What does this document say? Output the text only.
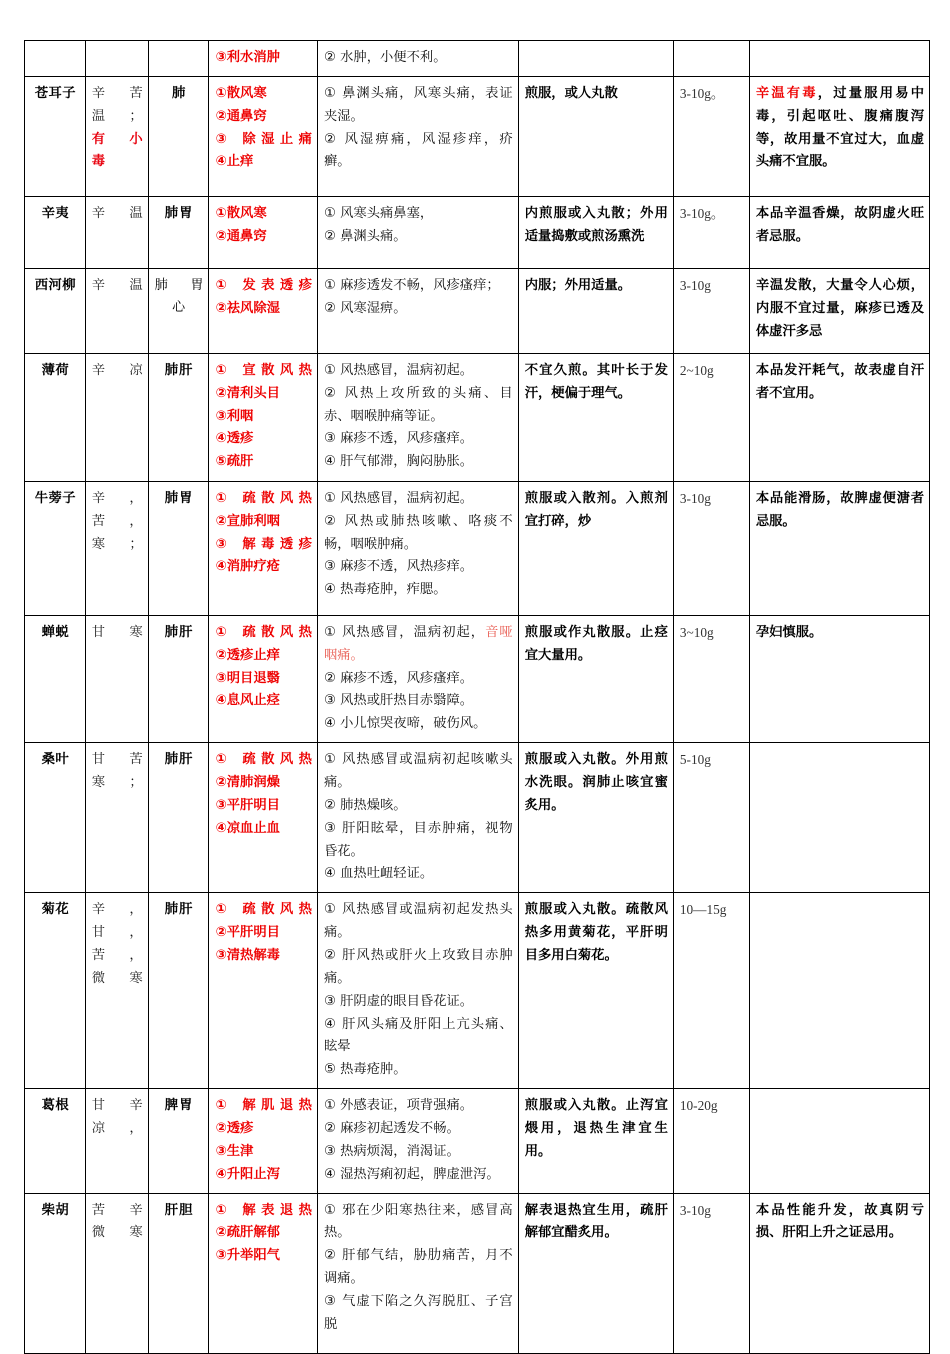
			③利水消肿	② 水肿，小便不利。			

苍耳子	辛 苦
温 ；
有 小
毒	肺	①散风寒
②通鼻窍
③ 除湿止痛
④止痒	① 鼻渊头痛，风寒头痛，表证夹湿。
② 风湿痹痛，风湿疹痒，疥癣。	煎服，或人丸散	3-10g。	辛温有毒，过量服用易中毒，引起呕吐、腹痛腹泻等，故用量不宜过大，血虚头痛不宜服。
辛夷	辛温	肺胃	①散风寒
②通鼻窍	① 风寒头痛鼻塞，
② 鼻渊头痛。	内煎服或入丸散；外用适量捣敷或煎汤熏洗	3-10g。	本品辛温香燥，故阴虚火旺者忌服。
西河柳	辛温	肺 胃
心	① 发表透疹
②祛风除湿	① 麻疹透发不畅，风疹瘙痒；
② 风寒湿痹。	内服；外用适量。	3-10g	辛温发散，大量令人心烦，内服不宜过量，麻疹已透及体虚汗多忌
薄荷	辛凉	肺肝	① 宣散风热
②清利头目
③利咽
④透疹
⑤疏肝	① 风热感冒，温病初起。
② 风热上攻所致的头痛、目赤、咽喉肿痛等证。
③ 麻疹不透，风疹瘙痒。
④ 肝气郁滞，胸闷胁胀。	不宜久煎。其叶长于发汗，梗偏于理气。	2~10g	本品发汗耗气，故表虚自汗者不宜用。
牛蒡子	辛，
苦，
寒；	肺胃	① 疏散风热
②宣肺利咽
③ 解毒透疹
④消肿疗疮	① 风热感冒，温病初起。
② 风热或肺热咳嗽、咯痰不畅，咽喉肿痛。
③ 麻疹不透，风热疹痒。
④ 热毒疮肿，痄腮。	煎服或入散剂。入煎剂宜打碎，炒	3-10g	本品能滑肠，故脾虚便溏者忌服。
蝉蜕	甘寒	肺肝	① 疏散风热
②透疹止痒
③明目退翳
④息风止痉	① 风热感冒，温病初起，音哑咽痛。
② 麻疹不透，风疹瘙痒。
③ 风热或肝热目赤翳障。
④ 小儿惊哭夜啼，破伤风。	煎服或作丸散服。止痉宜大量用。	3~10g	孕妇慎服。
桑叶	甘苦
寒；	肺肝	① 疏散风热
②清肺润燥
③平肝明目
④凉血止血	① 风热感冒或温病初起咳嗽头痛。
② 肺热燥咳。
③ 肝阳眩晕，目赤肿痛，视物昏花。
④ 血热吐衄轻证。	煎服或入丸散。外用煎水洗眼。润肺止咳宜蜜炙用。	5-10g	
菊花	辛，
甘，
苦，
微寒	肺肝	① 疏散风热
②平肝明目
③清热解毒	① 风热感冒或温病初起发热头痛。
② 肝风热或肝火上攻致目赤肿痛。
③ 肝阴虚的眼目昏花证。
④ 肝风头痛及肝阳上亢头痛、眩晕
⑤ 热毒疮肿。	煎服或入丸散。疏散风热多用黄菊花，平肝明目多用白菊花。	10—15g	
葛根	甘辛
凉，	脾胃	① 解肌退热
②透疹
③生津
④升阳止泻	① 外感表证，项背强痛。
② 麻疹初起透发不畅。
③ 热病烦渴，消渴证。
④ 湿热泻痢初起，脾虚泄泻。	煎服或入丸散。止泻宜煨用，退热生津宜生用。	10-20g	
柴胡	苦辛
微寒	肝胆	① 解表退热
②疏肝解郁
③升举阳气	① 邪在少阳寒热往来，感冒高热。
② 肝郁气结，胁肋痛苦，月不调痛。
③ 气虚下陷之久泻脱肛、子宫脱	解表退热宜生用，疏肝解郁宜醋炙用。	3-10g	本品性能升发，故真阴亏损、肝阳上升之证忌用。
